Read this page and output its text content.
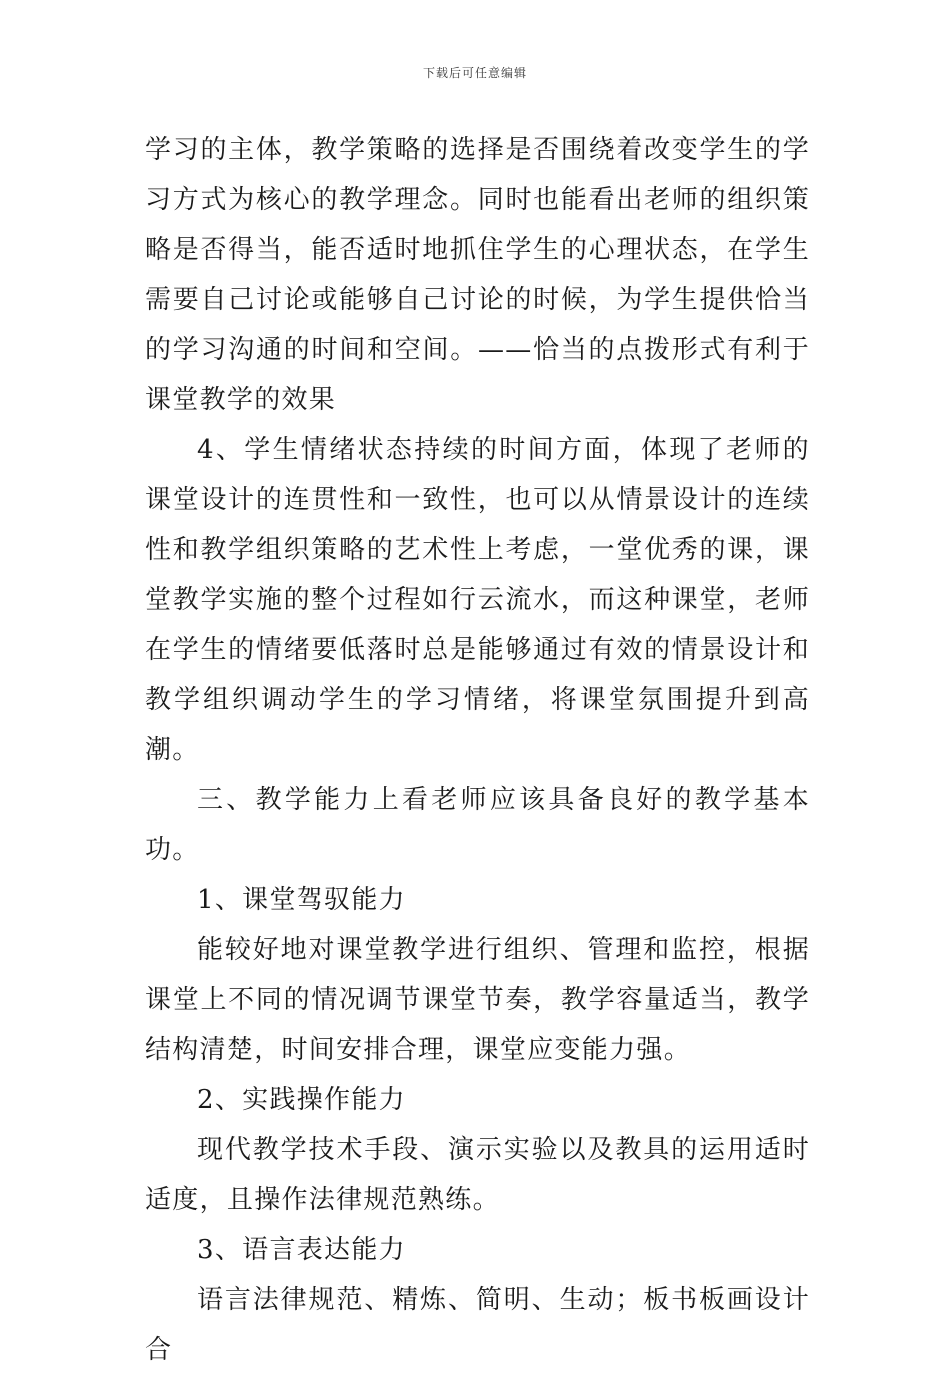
下载后可任意编辑

学习的主体，教学策略的选择是否围绕着改变学生的学习方式为核心的教学理念。同时也能看出老师的组织策略是否得当，能否适时地抓住学生的心理状态，在学生需要自己讨论或能够自己讨论的时候，为学生提供恰当的学习沟通的时间和空间。——恰当的点拨形式有利于课堂教学的效果

4、学生情绪状态持续的时间方面，体现了老师的课堂设计的连贯性和一致性，也可以从情景设计的连续性和教学组织策略的艺术性上考虑，一堂优秀的课，课堂教学实施的整个过程如行云流水，而这种课堂，老师在学生的情绪要低落时总是能够通过有效的情景设计和教学组织调动学生的学习情绪，将课堂氛围提升到高潮。

三、教学能力上看老师应该具备良好的教学基本功。

1、课堂驾驭能力

能较好地对课堂教学进行组织、管理和监控，根据课堂上不同的情况调节课堂节奏，教学容量适当，教学结构清楚，时间安排合理，课堂应变能力强。

2、实践操作能力

现代教学技术手段、演示实验以及教具的运用适时适度，且操作法律规范熟练。

3、语言表达能力

语言法律规范、精炼、简明、生动；板书板画设计合
